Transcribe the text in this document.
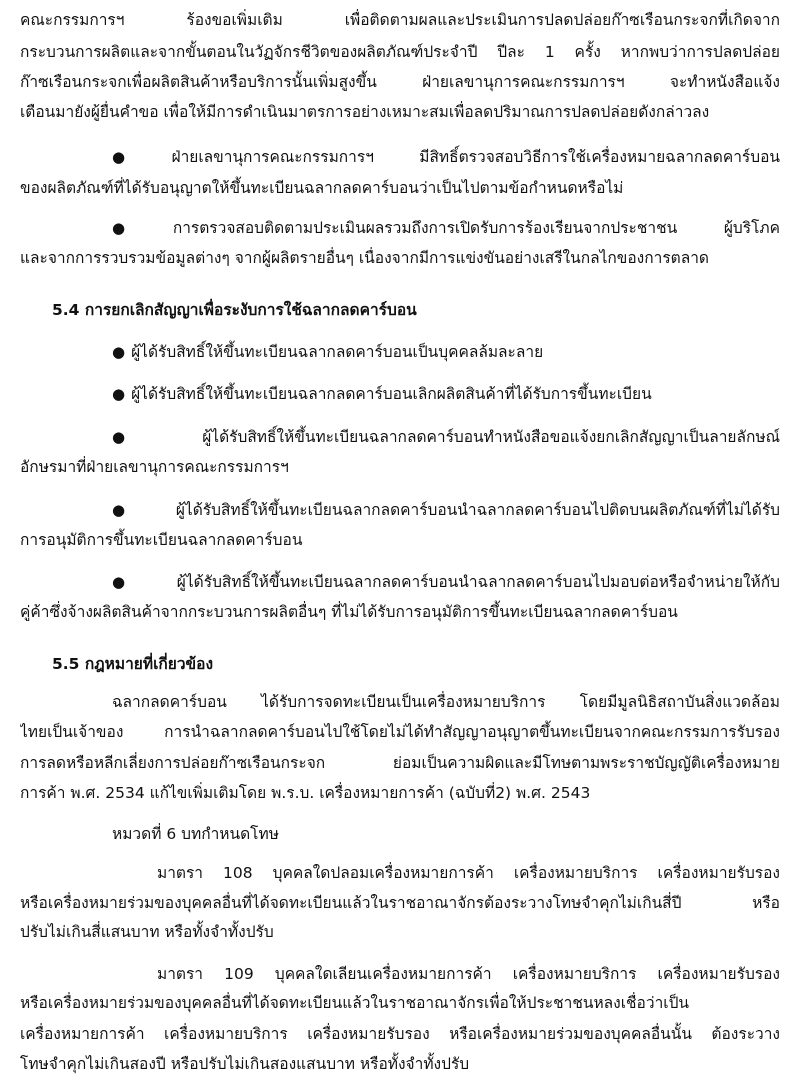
คณะกรรมการฯ ร้องขอเพิ่มเติม เพื่อติดตามผลและประเมินการปลดปล่อยก๊าซเรือนกระจกที่เกิดจาก
กระบวนการผลิตและจากขั้นตอนในวัฏจักรชีวิตของผลิตภัณฑ์ประจำปี ปีละ 1 ครั้ง หากพบว่าการปลดปล่อย
ก๊าซเรือนกระจกเพื่อผลิตสินค้าหรือบริการนั้นเพิ่มสูงขึ้น ฝ่ายเลขานุการคณะกรรมการฯ จะทำหนังสือแจ้ง
เตือนมายังผู้ยื่นคำขอ เพื่อให้มีการดำเนินมาตรการอย่างเหมาะสมเพื่อลดปริมาณการปลดปล่อยดังกล่าวลง
● ฝ่ายเลขานุการคณะกรรมการฯ มีสิทธิ์ตรวจสอบวิธีการใช้เครื่องหมายฉลากลดคาร์บอน
ของผลิตภัณฑ์ที่ได้รับอนุญาตให้ขึ้นทะเบียนฉลากลดคาร์บอนว่าเป็นไปตามข้อกำหนดหรือไม่
● การตรวจสอบติดตามประเมินผลรวมถึงการเปิดรับการร้องเรียนจากประชาชน ผู้บริโภค
และจากการรวบรวมข้อมูลต่างๆ จากผู้ผลิตรายอื่นๆ เนื่องจากมีการแข่งขันอย่างเสรีในกลไกของการตลาด
5.4 การยกเลิกสัญญาเพื่อระงับการใช้ฉลากลดคาร์บอน
● ผู้ได้รับสิทธิ์ให้ขึ้นทะเบียนฉลากลดคาร์บอนเป็นบุคคลล้มละลาย
● ผู้ได้รับสิทธิ์ให้ขึ้นทะเบียนฉลากลดคาร์บอนเลิกผลิตสินค้าที่ได้รับการขึ้นทะเบียน
● ผู้ได้รับสิทธิ์ให้ขึ้นทะเบียนฉลากลดคาร์บอนทำหนังสือขอแจ้งยกเลิกสัญญาเป็นลายลักษณ์
อักษรมาที่ฝ่ายเลขานุการคณะกรรมการฯ
● ผู้ได้รับสิทธิ์ให้ขึ้นทะเบียนฉลากลดคาร์บอนนำฉลากลดคาร์บอนไปติดบนผลิตภัณฑ์ที่ไม่ได้รับ
การอนุมัติการขึ้นทะเบียนฉลากลดคาร์บอน
● ผู้ได้รับสิทธิ์ให้ขึ้นทะเบียนฉลากลดคาร์บอนนำฉลากลดคาร์บอนไปมอบต่อหรือจำหน่ายให้กับ
คู่ค้าซึ่งจ้างผลิตสินค้าจากกระบวนการผลิตอื่นๆ ที่ไม่ได้รับการอนุมัติการขึ้นทะเบียนฉลากลดคาร์บอน
5.5 กฎหมายที่เกี่ยวข้อง
ฉลากลดคาร์บอน ได้รับการจดทะเบียนเป็นเครื่องหมายบริการ โดยมีมูลนิธิสถาบันสิ่งแวดล้อม
ไทยเป็นเจ้าของ การนำฉลากลดคาร์บอนไปใช้โดยไม่ได้ทำสัญญาอนุญาตขึ้นทะเบียนจากคณะกรรมการรับรอง
การลดหรือหลีกเลี่ยงการปล่อยก๊าซเรือนกระจก ย่อมเป็นความผิดและมีโทษตามพระราชบัญญัติเครื่องหมาย
การค้า พ.ศ. 2534 แก้ไขเพิ่มเติมโดย พ.ร.บ. เครื่องหมายการค้า (ฉบับที่2) พ.ศ. 2543
หมวดที่ 6 บทกำหนดโทษ
มาตรา 108 บุคคลใดปลอมเครื่องหมายการค้า เครื่องหมายบริการ เครื่องหมายรับรอง
หรือเครื่องหมายร่วมของบุคคลอื่นที่ได้จดทะเบียนแล้วในราชอาณาจักรต้องระวางโทษจำคุกไม่เกินสี่ปี หรือ
ปรับไม่เกินสี่แสนบาท หรือทั้งจำทั้งปรับ
มาตรา 109 บุคคลใดเลียนเครื่องหมายการค้า เครื่องหมายบริการ เครื่องหมายรับรอง
หรือเครื่องหมายร่วมของบุคคลอื่นที่ได้จดทะเบียนแล้วในราชอาณาจักรเพื่อให้ประชาชนหลงเชื่อว่าเป็น
เครื่องหมายการค้า เครื่องหมายบริการ เครื่องหมายรับรอง หรือเครื่องหมายร่วมของบุคคลอื่นนั้น ต้องระวาง
โทษจำคุกไม่เกินสองปี หรือปรับไม่เกินสองแสนบาท หรือทั้งจำทั้งปรับ
